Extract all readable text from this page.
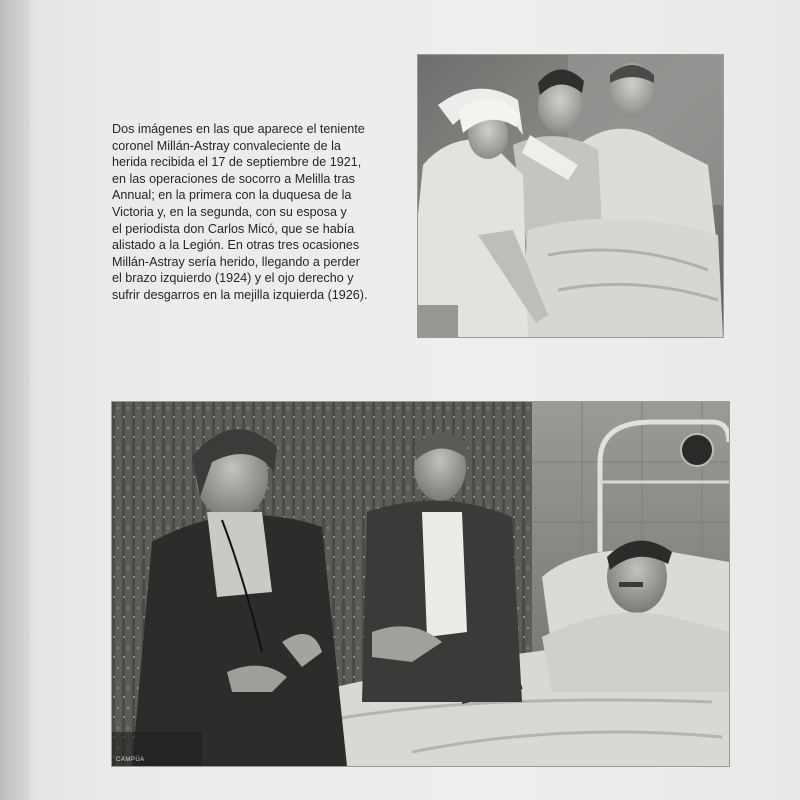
Dos imágenes en las que aparece el teniente
coronel Millán-Astray convaleciente de la
herida recibida el 17 de septiembre de 1921,
en las operaciones de socorro a Melilla tras
Annual; en la primera con la duquesa de la
Victoria y, en la segunda, con su esposa y
el periodista don Carlos Micó, que se había
alistado a la Legión. En otras tres ocasiones
Millán-Astray sería herido, llegando a perder
el brazo izquierdo (1924) y el ojo derecho y
sufrir desgarros en la mejilla izquierda (1926).

CAMPÚA
